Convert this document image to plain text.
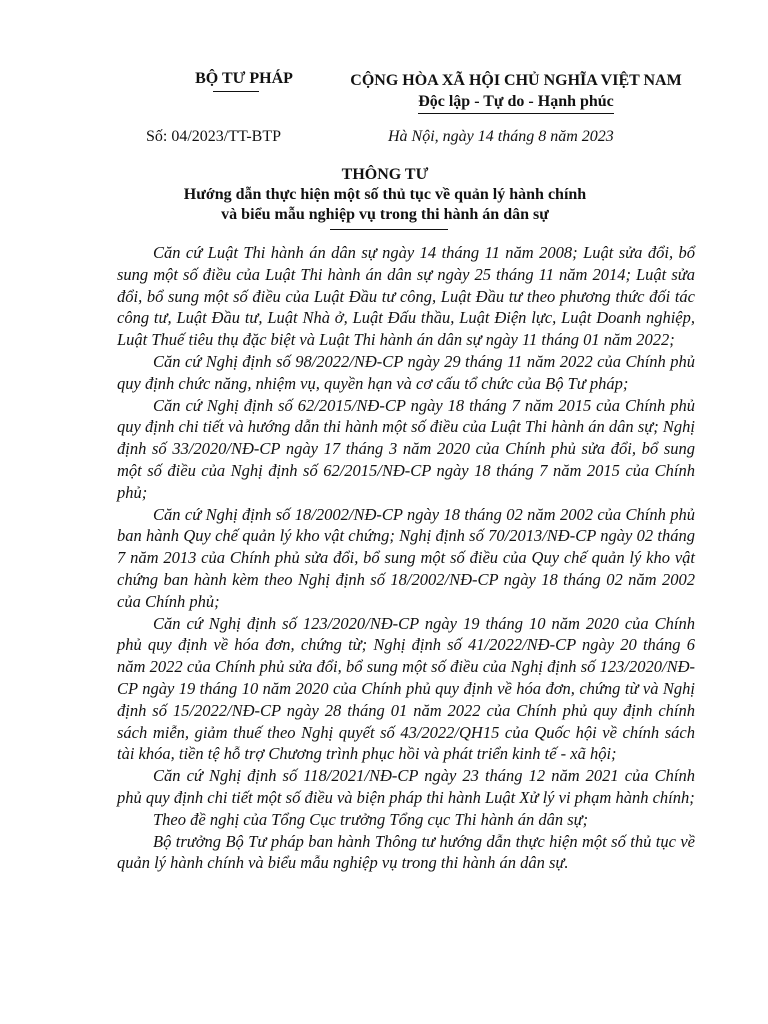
BỘ TƯ PHÁP	CỘNG HÒA XÃ HỘI CHỦ NGHĨA VIỆT NAM
Độc lập - Tự do - Hạnh phúc
Số: 04/2023/TT-BTP	Hà Nội, ngày 14 tháng 8 năm 2023
THÔNG TƯ
Hướng dẫn thực hiện một số thủ tục về quản lý hành chính
và biểu mẫu nghiệp vụ trong thi hành án dân sự

Căn cứ Luật Thi hành án dân sự ngày 14 tháng 11 năm 2008; Luật sửa đổi, bổ sung một số điều của Luật Thi hành án dân sự ngày 25 tháng 11 năm 2014; Luật sửa đổi, bổ sung một số điều của Luật Đầu tư công, Luật Đầu tư theo phương thức đối tác công tư, Luật Đầu tư, Luật Nhà ở, Luật Đấu thầu, Luật Điện lực, Luật Doanh nghiệp, Luật Thuế tiêu thụ đặc biệt và Luật Thi hành án dân sự ngày 11 tháng 01 năm 2022;

Căn cứ Nghị định số 98/2022/NĐ-CP ngày 29 tháng 11 năm 2022 của Chính phủ quy định chức năng, nhiệm vụ, quyền hạn và cơ cấu tổ chức của Bộ Tư pháp;

Căn cứ Nghị định số 62/2015/NĐ-CP ngày 18 tháng 7 năm 2015 của Chính phủ quy định chi tiết và hướng dẫn thi hành một số điều của Luật Thi hành án dân sự; Nghị định số 33/2020/NĐ-CP ngày 17 tháng 3 năm 2020 của Chính phủ sửa đổi, bổ sung một số điều của Nghị định số 62/2015/NĐ-CP ngày 18 tháng 7 năm 2015 của Chính phủ;

Căn cứ Nghị định số 18/2002/NĐ-CP ngày 18 tháng 02 năm 2002 của Chính phủ ban hành Quy chế quản lý kho vật chứng; Nghị định số 70/2013/NĐ-CP ngày 02 tháng 7 năm 2013 của Chính phủ sửa đổi, bổ sung một số điều của Quy chế quản lý kho vật chứng ban hành kèm theo Nghị định số 18/2002/NĐ-CP ngày 18 tháng 02 năm 2002 của Chính phủ;

Căn cứ Nghị định số 123/2020/NĐ-CP ngày 19 tháng 10 năm 2020 của Chính phủ quy định về hóa đơn, chứng từ; Nghị định số 41/2022/NĐ-CP ngày 20 tháng 6 năm 2022 của Chính phủ sửa đổi, bổ sung một số điều của Nghị định số 123/2020/NĐ-CP ngày 19 tháng 10 năm 2020 của Chính phủ quy định về hóa đơn, chứng từ và Nghị định số 15/2022/NĐ-CP ngày 28 tháng 01 năm 2022 của Chính phủ quy định chính sách miễn, giảm thuế theo Nghị quyết số 43/2022/QH15 của Quốc hội về chính sách tài khóa, tiền tệ hỗ trợ Chương trình phục hồi và phát triển kinh tế - xã hội;

Căn cứ Nghị định số 118/2021/NĐ-CP ngày 23 tháng 12 năm 2021 của Chính phủ quy định chi tiết một số điều và biện pháp thi hành Luật Xử lý vi phạm hành chính;

Theo đề nghị của Tổng Cục trưởng Tổng cục Thi hành án dân sự;

Bộ trưởng Bộ Tư pháp ban hành Thông tư hướng dẫn thực hiện một số thủ tục về quản lý hành chính và biểu mẫu nghiệp vụ trong thi hành án dân sự.
